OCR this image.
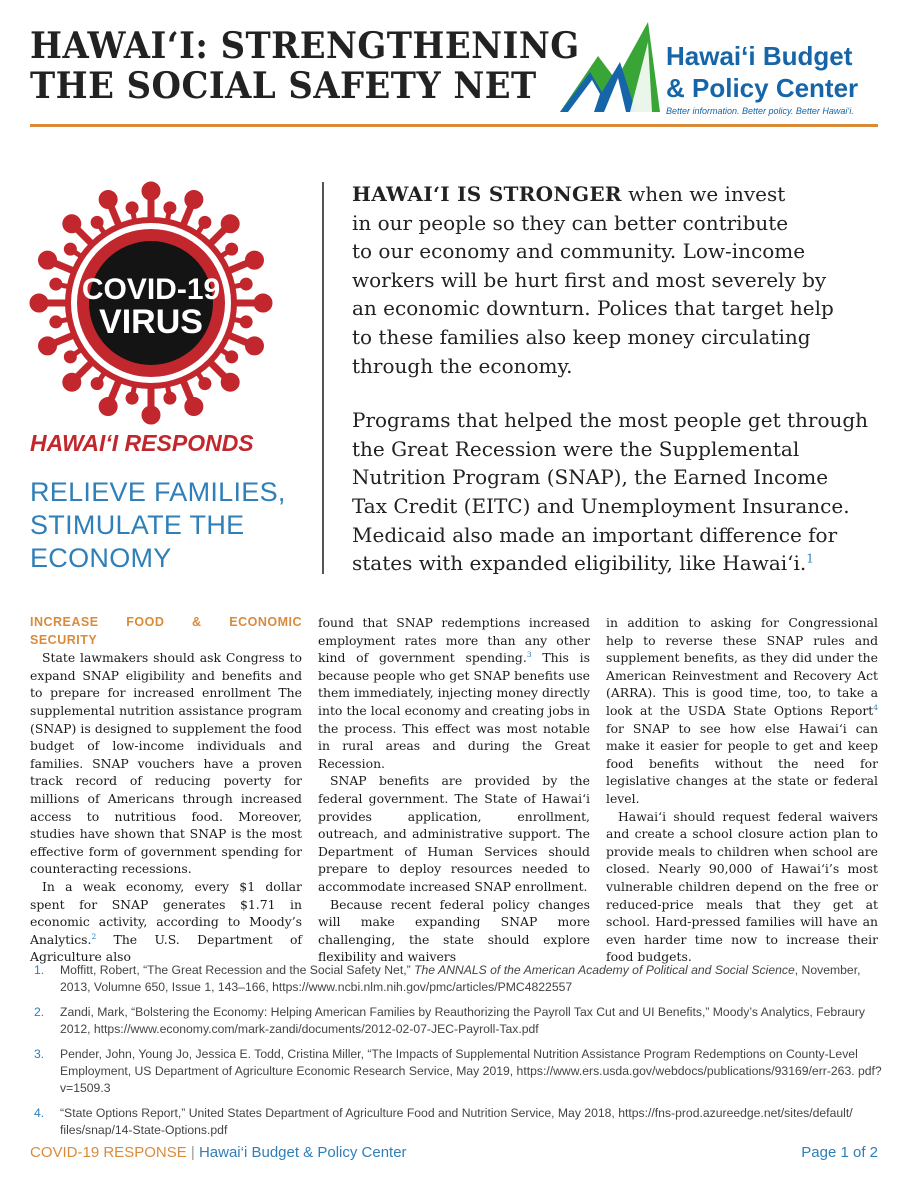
HAWAI‘I: STRENGTHENING
THE SOCIAL SAFETY NET
Hawai‘i Budget
& Policy Center
Better information. Better policy. Better Hawai‘i.
COVID-19
VIRUS
HAWAI‘I RESPONDS
RELIEVE FAMILIES,
STIMULATE THE
ECONOMY

HAWAI‘I IS STRONGER when we invest
in our people so they can better contribute
to our economy and community. Low-income
workers will be hurt first and most severely by
an economic downturn. Polices that target help
to these families also keep money circulating
through the economy.

Programs that helped the most people get through
the Great Recession were the Supplemental
Nutrition Program (SNAP), the Earned Income
Tax Credit (EITC) and Unemployment Insurance.
Medicaid also made an important difference for
states with expanded eligibility, like Hawai‘i.$^1$

INCREASE FOOD & ECONOMIC SECURITY

State lawmakers should ask Congress to expand SNAP eligibility and benefits and to prepare for increased enrollment The supplemental nutrition assistance program (SNAP) is designed to supplement the food budget of low-income individuals and families. SNAP vouchers have a proven track record of reducing poverty for millions of Americans through increased access to nutritious food. Moreover, studies have shown that SNAP is the most effective form of government spending for counteracting recessions.

In a weak economy, every $1 dollar spent for SNAP generates $1.71 in economic activity, according to Moody’s Analytics.$^2$ The U.S. Department of Agriculture also

found that SNAP redemptions increased employment rates more than any other kind of government spending.$^3$ This is because people who get SNAP benefits use them immediately, injecting money directly into the local economy and creating jobs in the process. This effect was most notable in rural areas and during the Great Recession.

SNAP benefits are provided by the federal government. The State of Hawai‘i provides application, enrollment, outreach, and administrative support. The Department of Human Services should prepare to deploy resources needed to accommodate increased SNAP enrollment.

Because recent federal policy changes will make expanding SNAP more challenging, the state should explore flexibility and waivers

in addition to asking for Congressional help to reverse these SNAP rules and supplement benefits, as they did under the American Reinvestment and Recovery Act (ARRA). This is good time, too, to take a look at the USDA State Options Report$^4$ for SNAP to see how else Hawai‘i can make it easier for people to get and keep food benefits without the need for legislative changes at the state or federal level.

Hawai‘i should request federal waivers and create a school closure action plan to provide meals to children when school are closed. Nearly 90,000 of Hawai‘i’s most vulnerable children depend on the free or reduced-price meals that they get at school. Hard-pressed families will have an even harder time now to increase their food budgets.

1. Moffitt, Robert, “The Great Recession and the Social Safety Net,” The ANNALS of the American Academy of Political and Social Science, November, 2013, Volumne 650, Issue 1, 143–166, https://www.ncbi.nlm.nih.gov/pmc/articles/PMC4822557
2. Zandi, Mark, “Bolstering the Economy: Helping American Families by Reauthorizing the Payroll Tax Cut and UI Benefits,” Moody’s Analytics, Febraury 2012, https://www.economy.com/mark-zandi/documents/2012-02-07-JEC-Payroll-Tax.pdf
3. Pender, John, Young Jo, Jessica E. Todd, Cristina Miller, “The Impacts of Supplemental Nutrition Assistance Program Redemptions on County-Level Employment, US Department of Agriculture Economic Research Service, May 2019, https://www.ers.usda.gov/webdocs/publications/93169/err-263. pdf?v=1509.3
4. “State Options Report,” United States Department of Agriculture Food and Nutrition Service, May 2018, https://fns-prod.azureedge.net/sites/default/ files/snap/14-State-Options.pdf
COVID-19 RESPONSE | Hawai‘i Budget & Policy Center	Page 1 of 2
